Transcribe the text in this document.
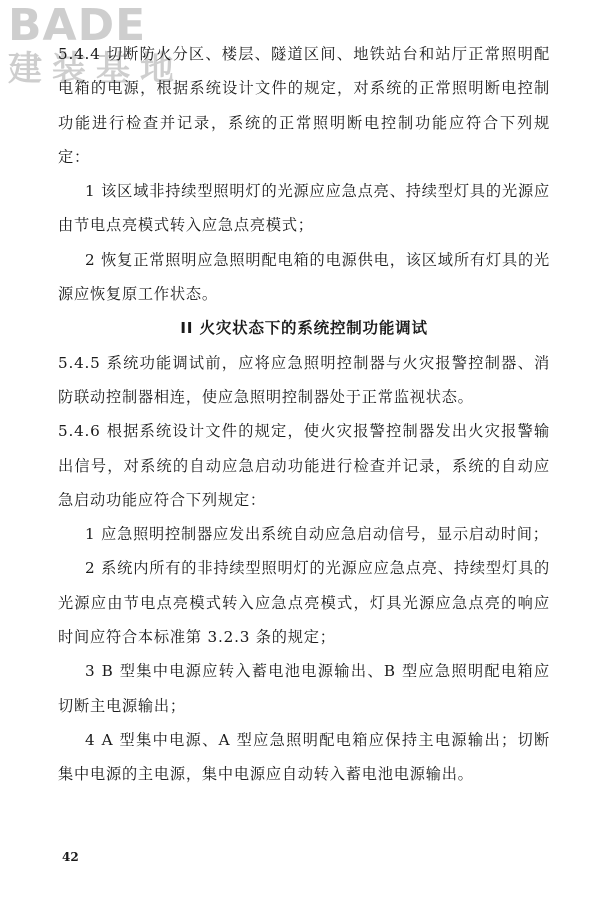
BADE
建装基地

5.4.4 切断防火分区、楼层、隧道区间、地铁站台和站厅正常照明配电箱的电源，根据系统设计文件的规定，对系统的正常照明断电控制功能进行检查并记录，系统的正常照明断电控制功能应符合下列规定：

1 该区域非持续型照明灯的光源应应急点亮、持续型灯具的光源应由节电点亮模式转入应急点亮模式；

2 恢复正常照明应急照明配电箱的电源供电，该区域所有灯具的光源应恢复原工作状态。

II 火灾状态下的系统控制功能调试

5.4.5 系统功能调试前，应将应急照明控制器与火灾报警控制器、消防联动控制器相连，使应急照明控制器处于正常监视状态。

5.4.6 根据系统设计文件的规定，使火灾报警控制器发出火灾报警输出信号，对系统的自动应急启动功能进行检查并记录，系统的自动应急启动功能应符合下列规定：

1 应急照明控制器应发出系统自动应急启动信号，显示启动时间；

2 系统内所有的非持续型照明灯的光源应应急点亮、持续型灯具的光源应由节电点亮模式转入应急点亮模式，灯具光源应急点亮的响应时间应符合本标准第 3.2.3 条的规定；

3 B 型集中电源应转入蓄电池电源输出、B 型应急照明配电箱应切断主电源输出；

4 A 型集中电源、A 型应急照明配电箱应保持主电源输出；切断集中电源的主电源，集中电源应自动转入蓄电池电源输出。

42
